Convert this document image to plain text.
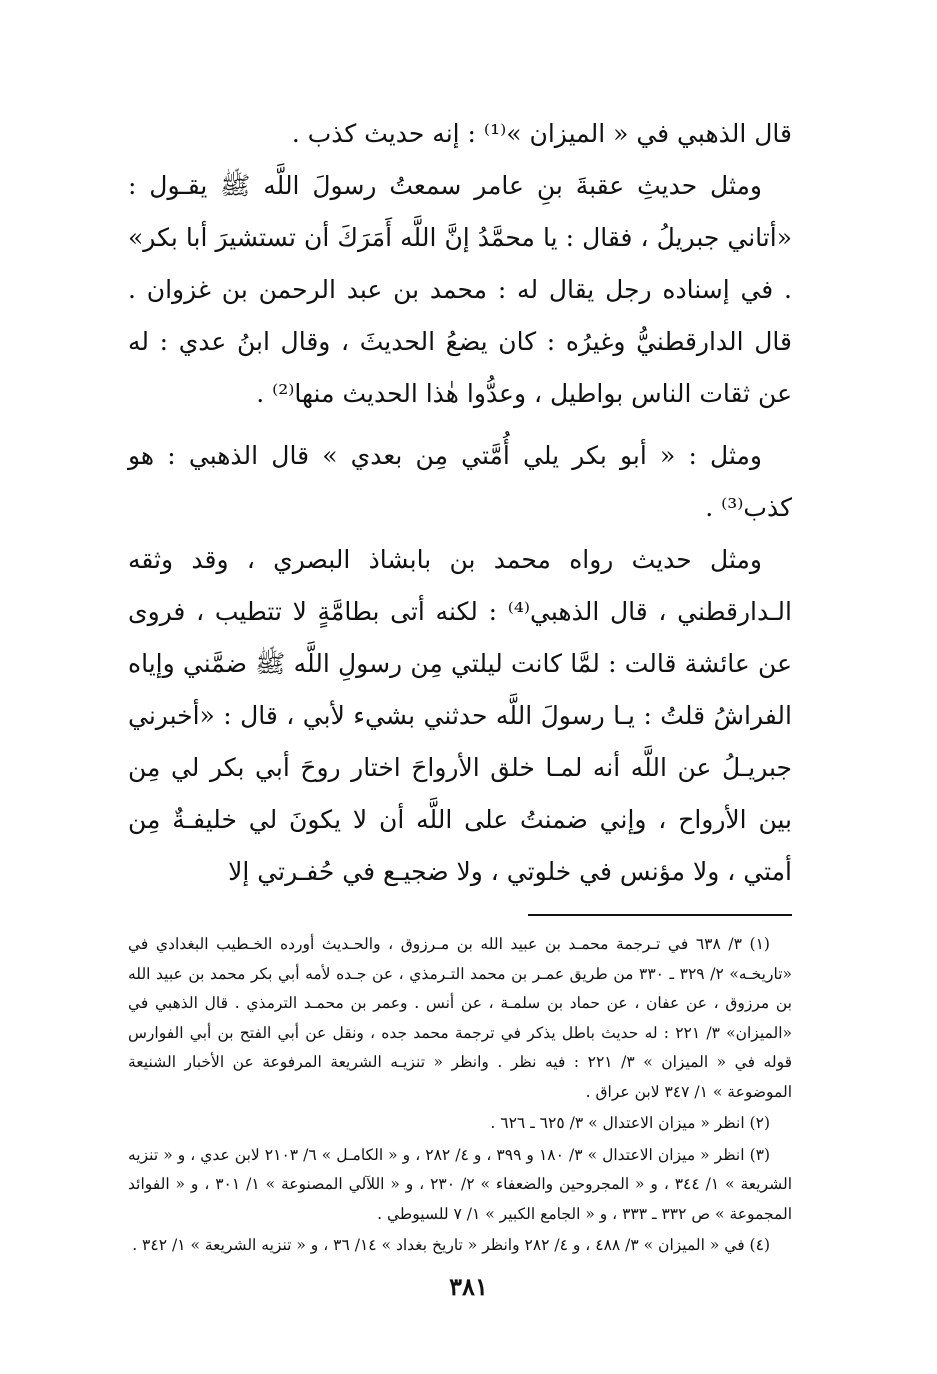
قال الذهبي في « الميزان »⁽¹⁾ : إنه حديث كذب .

ومثل حديثِ عقبةَ بنِ عامر سمعتُ رسولَ اللَّه ﷺ يقـول : «أتاني جبريلُ ، فقال : يا محمَّدُ إنَّ اللَّه أَمَرَكَ أن تستشيرَ أبا بكر» . في إسناده رجل يقال له : محمد بن عبد الرحمن بن غزوان . قال الدارقطنيُّ وغيرُه : كان يضعُ الحديثَ ، وقال ابنُ عدي : له عن ثقات الناس بواطيل ، وعدُّوا هٰذا الحديث منها⁽²⁾ .

ومثل : « أبو بكر يلي أُمَّتي مِن بعدي » قال الذهبي : هو كذب⁽³⁾ .

ومثل حديث رواه محمد بن بابشاذ البصري ، وقد وثقه الـدارقطني ، قال الذهبي⁽⁴⁾ : لكنه أتى بطامَّةٍ لا تتطيب ، فروى عن عائشة قالت : لمَّا كانت ليلتي مِن رسولِ اللَّه ﷺ ضمَّني وإياه الفراشُ قلتُ : يـا رسولَ اللَّه حدثني بشيء لأبي ، قال : «أخبرني جبريـلُ عن اللَّه أنه لمـا خلق الأرواحَ اختار روحَ أبي بكر لي مِن بين الأرواح ، وإني ضمنتُ على اللَّه أن لا يكونَ لي خليفـةٌ مِن أمتي ، ولا مؤنس في خلوتي ، ولا ضجيـع في حُفـرتي إلا

(١) ٣/ ٦٣٨ في تـرجمة محمـد بن عبيد الله بن مـرزوق ، والحـديث أورده الخـطيب البغدادي في «تاريخـه» ٢/ ٣٢٩ ـ ٣٣٠ من طريق عمـر بن محمد التـرمذي ، عن جـده لأمه أبي بكر محمد بن عبيد الله بن مرزوق ، عن عفان ، عن حماد بن سلمـة ، عن أنس . وعمر بن محمـد الترمذي . قال الذهبي في «الميزان» ٣/ ٢٢١ : له حديث باطل يذكر في ترجمة محمد جده ، ونقل عن أبي الفتح بن أبي الفوارس قوله في « الميزان » ٣/ ٢٢١ : فيه نظر . وانظر « تنزيـه الشريعة المرفوعة عن الأخبار الشنيعة الموضوعة » ١/ ٣٤٧ لابن عراق .

(٢) انظر « ميزان الاعتدال » ٣/ ٦٢٥ ـ ٦٢٦ .

(٣) انظر « ميزان الاعتدال » ٣/ ١٨٠ و ٣٩٩ ، و ٤/ ٢٨٢ ، و « الكامـل » ٦/ ٢١٠٣ لابن عدي ، و « تنزيه الشريعة » ١/ ٣٤٤ ، و « المجروحين والضعفاء » ٢/ ٢٣٠ ، و « اللآلي المصنوعة » ١/ ٣٠١ ، و « الفوائد المجموعة » ص ٣٣٢ ـ ٣٣٣ ، و « الجامع الكبير » ١/ ٧ للسيوطي .

(٤) في « الميزان » ٣/ ٤٨٨ ، و ٤/ ٢٨٢ وانظر « تاريخ بغداد » ١٤/ ٣٦ ، و « تنزيه الشريعة » ١/ ٣٤٢ .

٣٨١
